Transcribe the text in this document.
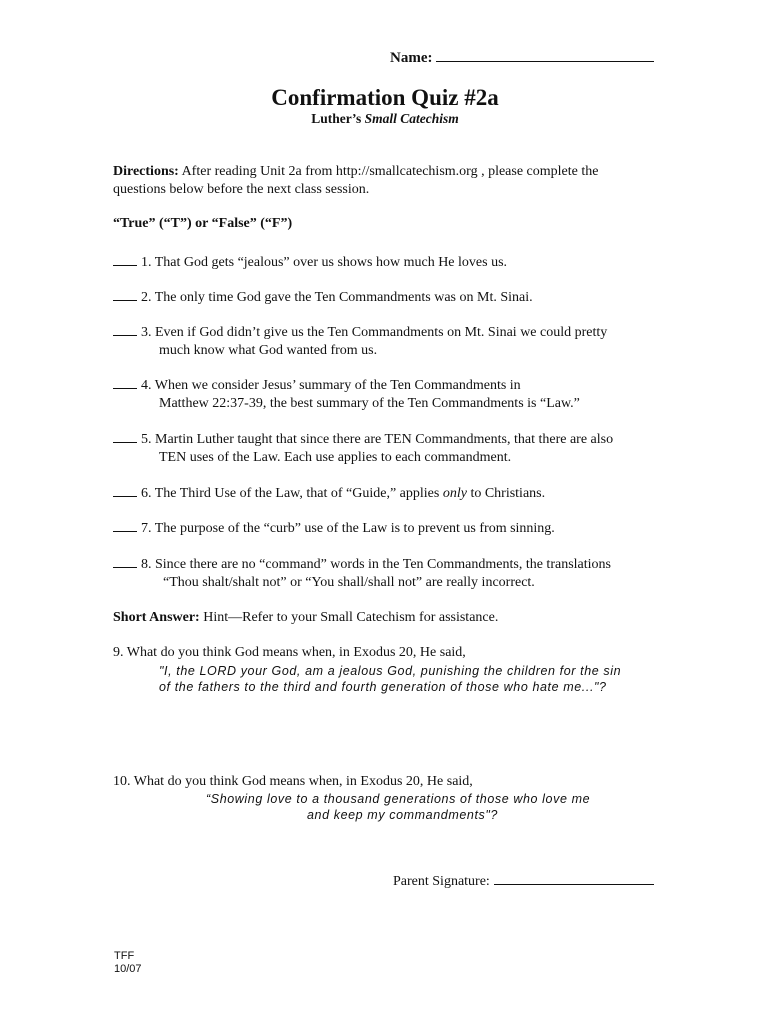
Name:
Confirmation Quiz #2a
Luther’s Small Catechism
Directions: After reading Unit 2a from http://smallcatechism.org , please complete the
questions below before the next class session.
“True” (“T”) or “False” (“F”)
1. That God gets “jealous” over us shows how much He loves us.
2. The only time God gave the Ten Commandments was on Mt. Sinai.
3. Even if God didn’t give us the Ten Commandments on Mt. Sinai we could pretty
much know what God wanted from us.
4. When we consider Jesus’ summary of the Ten Commandments in
Matthew 22:37-39, the best summary of the Ten Commandments is “Law.”
5. Martin Luther taught that since there are TEN Commandments, that there are also
TEN uses of the Law. Each use applies to each commandment.
6. The Third Use of the Law, that of “Guide,” applies only to Christians.
7. The purpose of the “curb” use of the Law is to prevent us from sinning.
8. Since there are no “command” words in the Ten Commandments, the translations
“Thou shalt/shalt not” or “You shall/shall not” are really incorrect.
Short Answer: Hint—Refer to your Small Catechism for assistance.
9. What do you think God means when, in Exodus 20, He said,
"I, the LORD your God, am a jealous God, punishing the children for the sin
of the fathers to the third and fourth generation of those who hate me..."?
10. What do you think God means when, in Exodus 20, He said,
“Showing love to a thousand generations of those who love me
and keep my commandments"?
Parent Signature:
TFF
10/07
